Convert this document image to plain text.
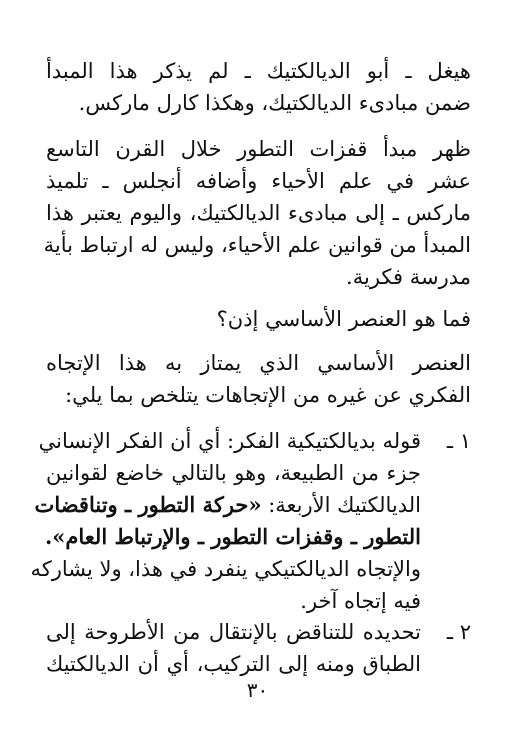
هيغل ـ أبو الديالكتيك ـ لم يذكر هذا المبدأ
ضمن مبادىء الديالكتيك، وهكذا كارل ماركس.
ظهر مبدأ قفزات التطور خلال القرن التاسع
عشر في علم الأحياء وأضافه أنجلس ـ تلميذ
ماركس ـ إلى مبادىء الديالكتيك، واليوم يعتبر هذا
المبدأ من قوانين علم الأحياء، وليس له ارتباط بأية
مدرسة فكرية.
فما هو العنصر الأساسي إذن؟
العنصر الأساسي الذي يمتاز به هذا الإتجاه
الفكري عن غيره من الإتجاهات يتلخص بما يلي:
١ ـ
قوله بديالكتيكية الفكر: أي أن الفكر الإنساني
جزء من الطبيعة، وهو بالتالي خاضع لقوانين
الديالكتيك الأربعة: «حركة التطور ـ وتناقضات
التطور ـ وقفزات التطور ـ والإرتباط العام».
والإتجاه الديالكتيكي ينفرد في هذا، ولا يشاركه
فيه إتجاه آخر.
٢ ـ
تحديده للتناقض بالإنتقال من الأطروحة إلى
الطباق ومنه إلى التركيب، أي أن الديالكتيك
٣٠
